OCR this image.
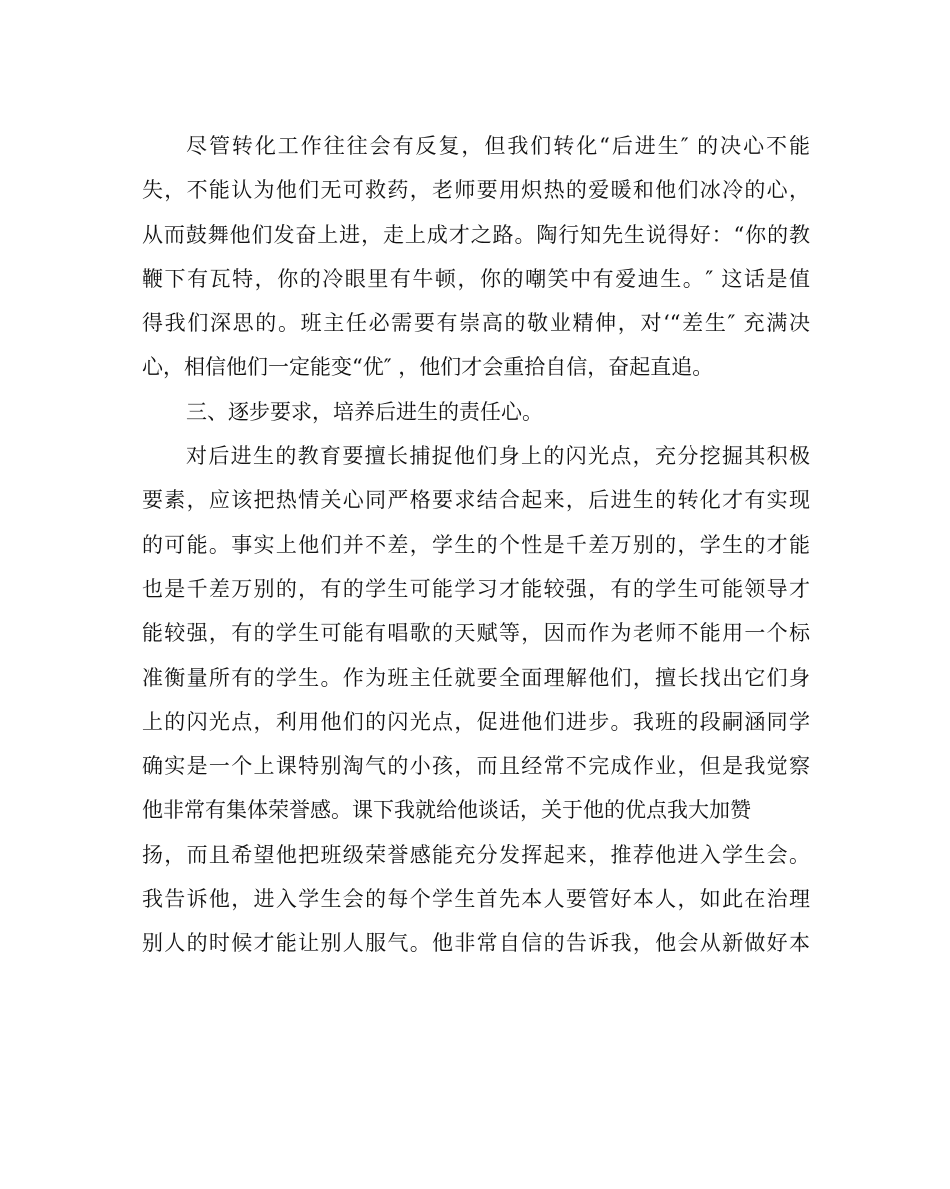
尽管转化工作往往会有反复，但我们转化“后进生″ 的决心不能
失，不能认为他们无可救药，老师要用炽热的爱暖和他们冰冷的心，
从而鼓舞他们发奋上进，走上成才之路。陶行知先生说得好：“你的教
鞭下有瓦特，你的冷眼里有牛顿，你的嘲笑中有爱迪生。″ 这话是值
得我们深思的。班主任必需要有崇高的敬业精伸，对‘“差生″ 充满决
心，相信他们一定能变“优″ ，他们才会重拾自信，奋起直追。
三、逐步要求，培养后进生的责任心。
对后进生的教育要擅长捕捉他们身上的闪光点，充分挖掘其积极
要素，应该把热情关心同严格要求结合起来，后进生的转化才有实现
的可能。事实上他们并不差，学生的个性是千差万别的，学生的才能
也是千差万别的，有的学生可能学习才能较强，有的学生可能领导才
能较强，有的学生可能有唱歌的天赋等，因而作为老师不能用一个标
准衡量所有的学生。作为班主任就要全面理解他们，擅长找出它们身
上的闪光点，利用他们的闪光点，促进他们进步。我班的段嗣涵同学
确实是一个上课特别淘气的小孩，而且经常不完成作业，但是我觉察
他非常有集体荣誉感。课下我就给他谈话，关于他的优点我大加赞
扬，而且希望他把班级荣誉感能充分发挥起来，推荐他进入学生会。
我告诉他，进入学生会的每个学生首先本人要管好本人，如此在治理
别人的时候才能让别人服气。他非常自信的告诉我，他会从新做好本
